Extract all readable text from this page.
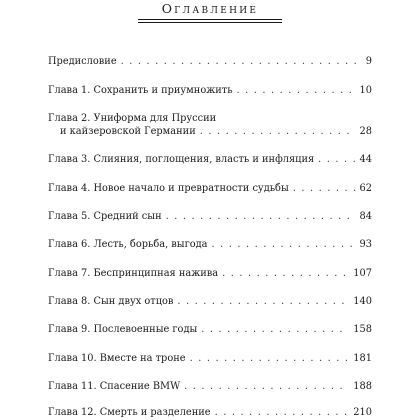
Оглавление
Предисловие . . .	9
Глава 1. Сохранить и приумножить . . .	10
Глава 2. Униформа для Пруссии
и кайзеровской Германии . . .	28
Глава 3. Слияния, поглощения, власть и инфляция . . .	44
Глава 4. Новое начало и превратности судьбы . . .	62
Глава 5. Средний сын . . .	84
Глава 6. Лесть, борьба, выгода . . .	93
Глава 7. Беспринципная нажива . . .	107
Глава 8. Сын двух отцов . . .	140
Глава 9. Послевоенные годы . . .	158
Глава 10. Вместе на троне . . .	181
Глава 11. Спасение BMW . . .	188
Глава 12. Смерть и разделение . . .	210
